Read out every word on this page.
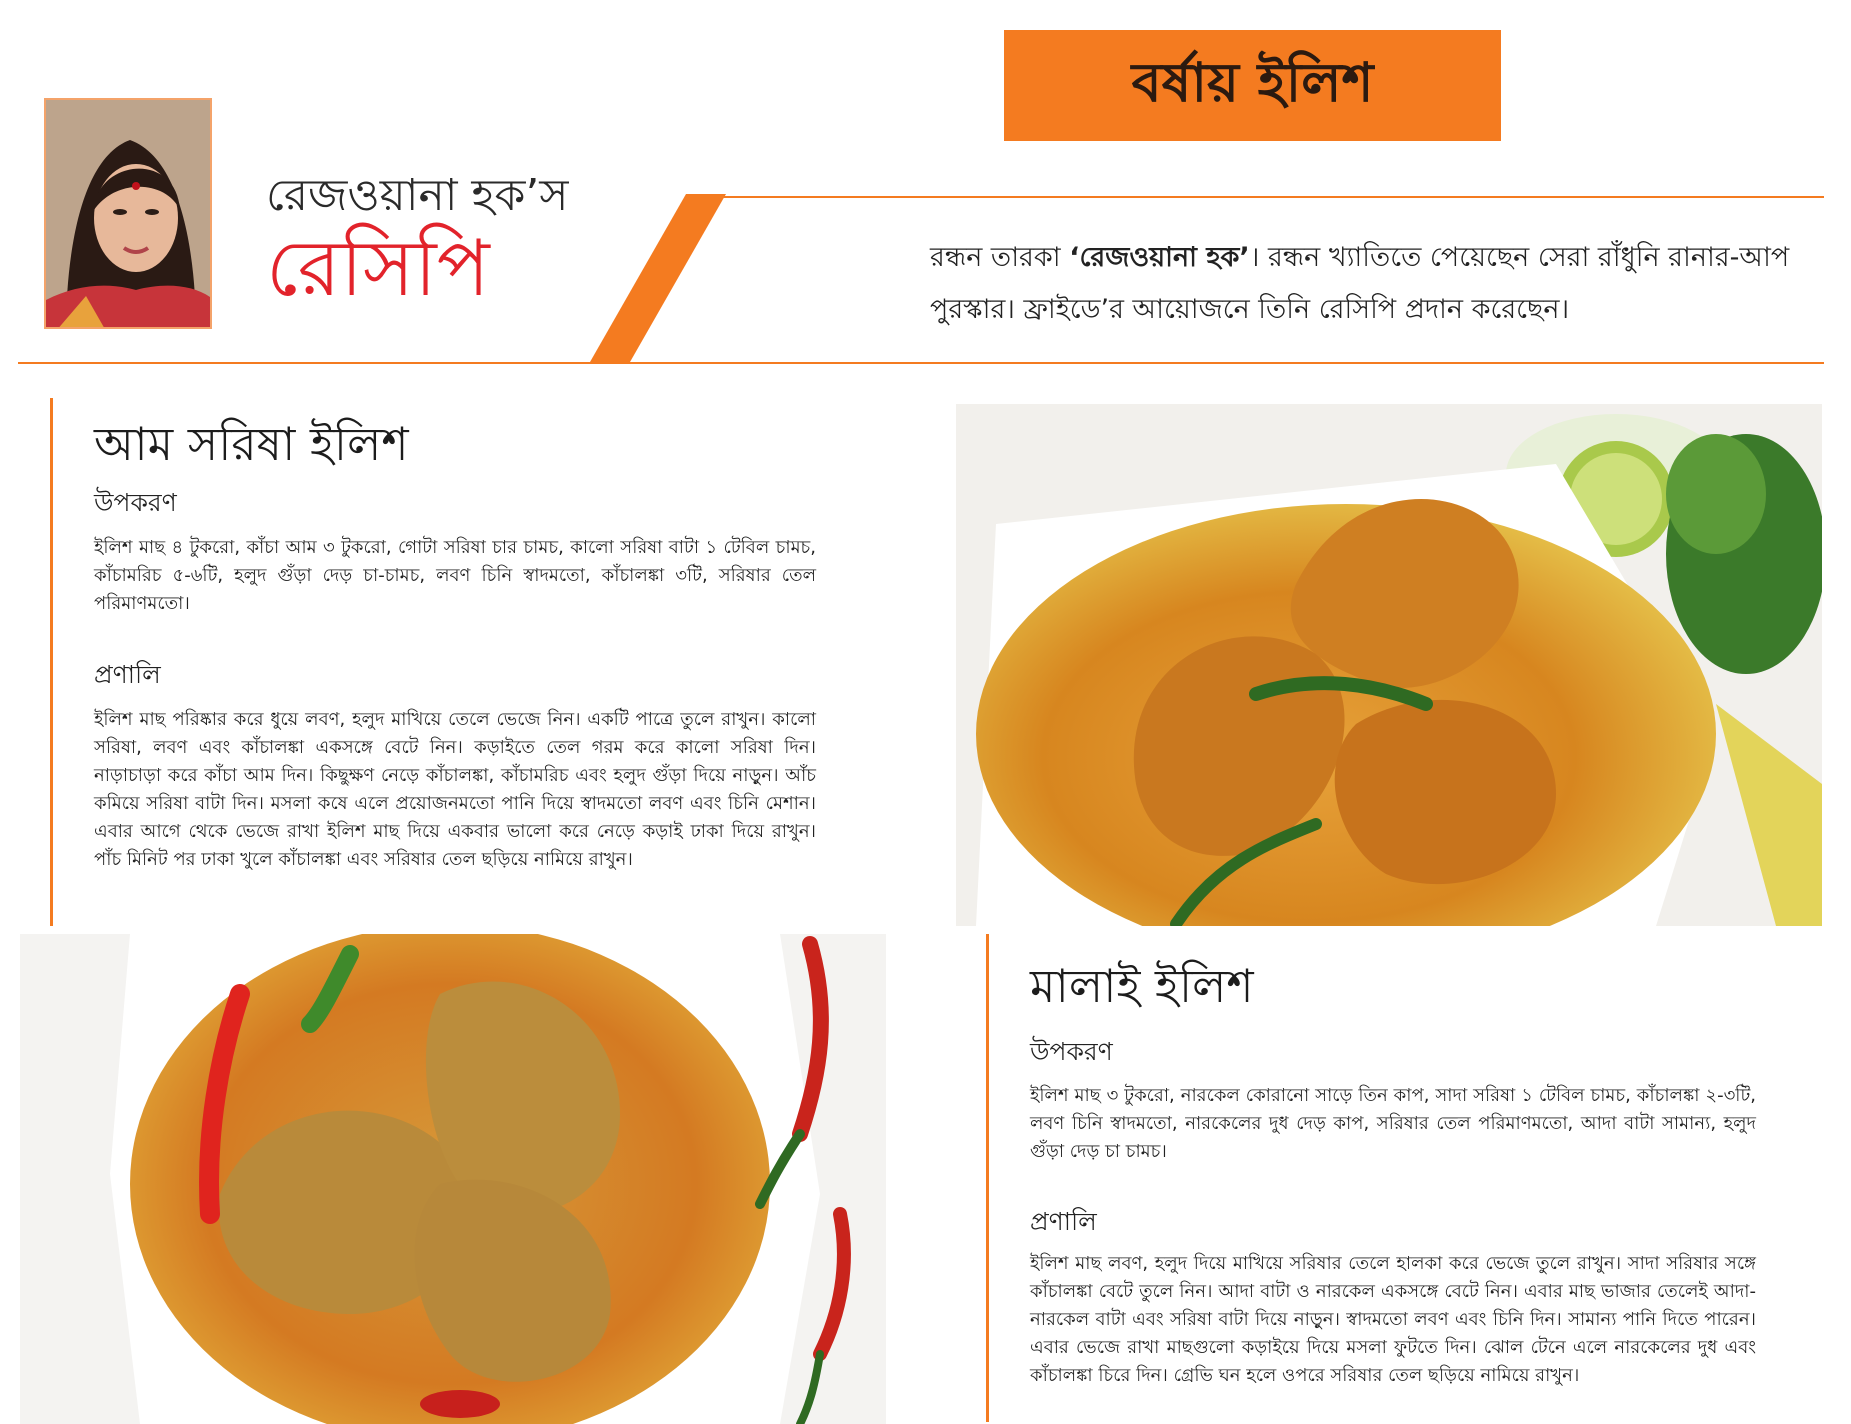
বর্ষায় ইলিশ
রেজওয়ানা হক’স
রেসিপি	রন্ধন তারকা ‘রেজওয়ানা হক’। রন্ধন খ্যাতিতে পেয়েছেন সেরা রাঁধুনি রানার-আপ পুরস্কার। ফ্রাইডে’র আয়োজনে তিনি রেসিপি প্রদান করেছেন।
আম সরিষা ইলিশ
উপকরণ
ইলিশ মাছ ৪ টুকরো, কাঁচা আম ৩ টুকরো, গোটা সরিষা চার চামচ, কালো সরিষা বাটা ১ টেবিল চামচ, কাঁচামরিচ ৫-৬টি, হলুদ গুঁড়া দেড় চা-চামচ, লবণ চিনি স্বাদমতো, কাঁচালঙ্কা ৩টি, সরিষার তেল পরিমাণমতো।
প্রণালি
ইলিশ মাছ পরিষ্কার করে ধুয়ে লবণ, হলুদ মাখিয়ে তেলে ভেজে নিন। একটি পাত্রে তুলে রাখুন। কালো সরিষা, লবণ এবং কাঁচালঙ্কা একসঙ্গে বেটে নিন। কড়াইতে তেল গরম করে কালো সরিষা দিন। নাড়াচাড়া করে কাঁচা আম দিন। কিছুক্ষণ নেড়ে কাঁচালঙ্কা, কাঁচামরিচ এবং হলুদ গুঁড়া দিয়ে নাড়ুন। আঁচ কমিয়ে সরিষা বাটা দিন। মসলা কষে এলে প্রয়োজনমতো পানি দিয়ে স্বাদমতো লবণ এবং চিনি মেশান। এবার আগে থেকে ভেজে রাখা ইলিশ মাছ দিয়ে একবার ভালো করে নেড়ে কড়াই ঢাকা দিয়ে রাখুন। পাঁচ মিনিট পর ঢাকা খুলে কাঁচালঙ্কা এবং সরিষার তেল ছড়িয়ে নামিয়ে রাখুন।
মালাই ইলিশ
উপকরণ
ইলিশ মাছ ৩ টুকরো, নারকেল কোরানো সাড়ে তিন কাপ, সাদা সরিষা ১ টেবিল চামচ, কাঁচালঙ্কা ২-৩টি, লবণ চিনি স্বাদমতো, নারকেলের দুধ দেড় কাপ, সরিষার তেল পরিমাণমতো, আদা বাটা সামান্য, হলুদ গুঁড়া দেড় চা চামচ।
প্রণালি
ইলিশ মাছ লবণ, হলুদ দিয়ে মাখিয়ে সরিষার তেলে হালকা করে ভেজে তুলে রাখুন। সাদা সরিষার সঙ্গে কাঁচালঙ্কা বেটে তুলে নিন। আদা বাটা ও নারকেল একসঙ্গে বেটে নিন। এবার মাছ ভাজার তেলেই আদা-নারকেল বাটা এবং সরিষা বাটা দিয়ে নাড়ুন। স্বাদমতো লবণ এবং চিনি দিন। সামান্য পানি দিতে পারেন। এবার ভেজে রাখা মাছগুলো কড়াইয়ে দিয়ে মসলা ফুটতে দিন। ঝোল টেনে এলে নারকেলের দুধ এবং কাঁচালঙ্কা চিরে দিন। গ্রেভি ঘন হলে ওপরে সরিষার তেল ছড়িয়ে নামিয়ে রাখুন।
